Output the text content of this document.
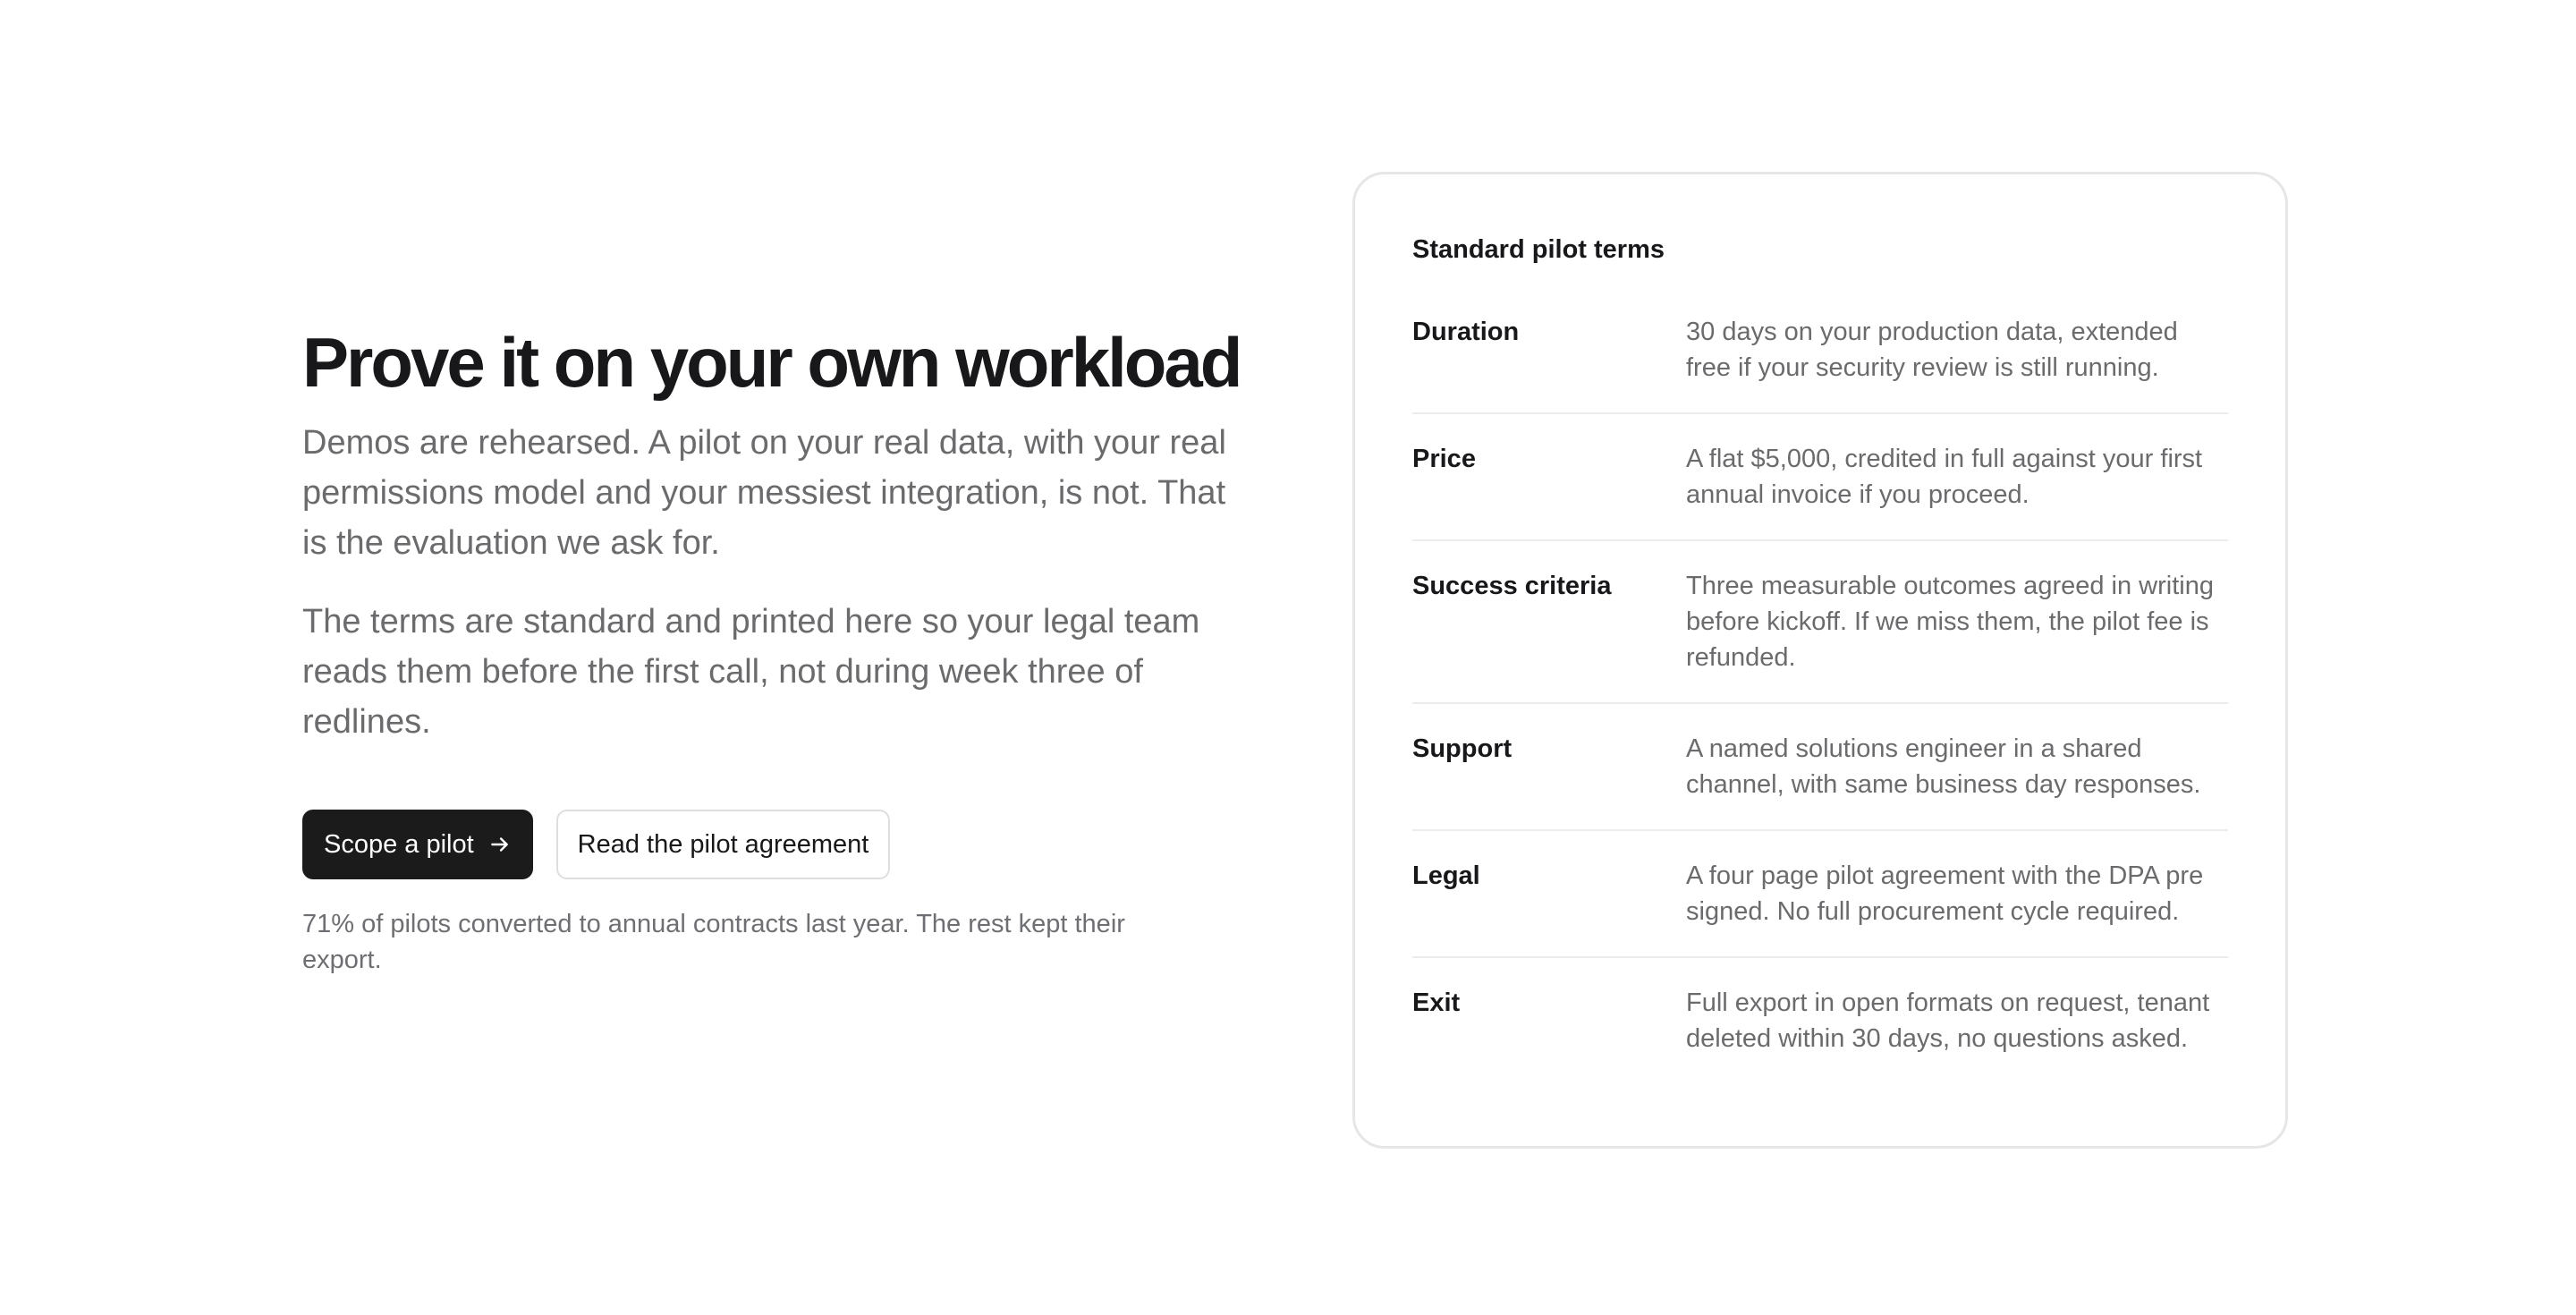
Prove it on your own workload

Demos are rehearsed. A pilot on your real data, with your real permissions model and your messiest integration, is not. That is the evaluation we ask for.

The terms are standard and printed here so your legal team reads them before the first call, not during week three of redlines.

Scope a pilot	Read the pilot agreement

71% of pilots converted to annual contracts last year. The rest kept their export.

Standard pilot terms
Duration	30 days on your production data, extended free if your security review is still running.
Price	A flat $5,000, credited in full against your first annual invoice if you proceed.
Success criteria	Three measurable outcomes agreed in writing before kickoff. If we miss them, the pilot fee is refunded.
Support	A named solutions engineer in a shared channel, with same business day responses.
Legal	A four page pilot agreement with the DPA pre signed. No full procurement cycle required.
Exit	Full export in open formats on request, tenant deleted within 30 days, no questions asked.
